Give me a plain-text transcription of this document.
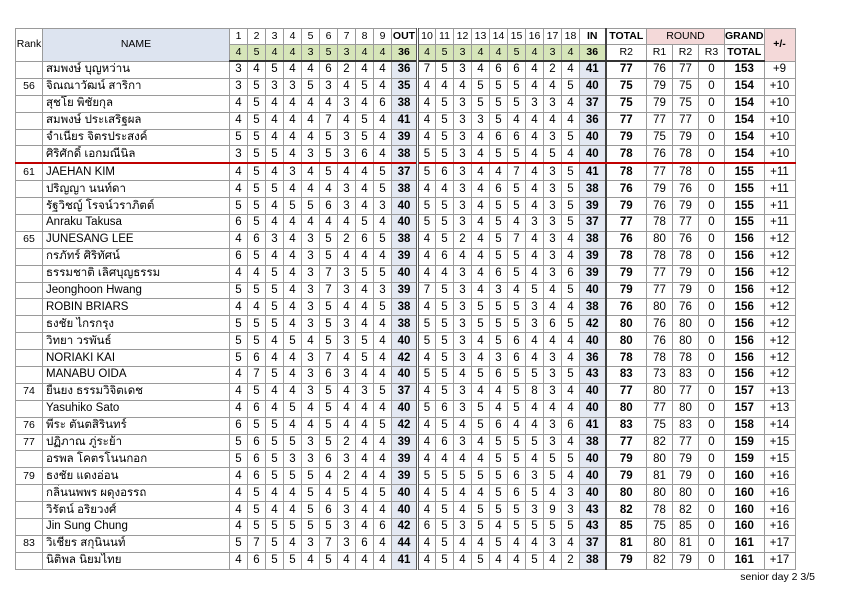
Rank	NAME	1	2	3	4	5	6	7	8	9	OUT	10	11	12	13	14	15	16	17	18	IN	TOTAL	ROUND			GRAND	+/-
		4	5	4	4	3	5	3	4	4	36	4	5	3	4	4	5	4	3	4	36	R2	R1	R2	R3	TOTAL	
	สมพงษ์ บุญหว่าน	3	4	5	4	4	6	2	4	4	36	7	5	3	4	6	6	4	2	4	41	77	76	77	0	153	+9
56	จิณณาวัฒน์ สาริกา	3	5	3	3	5	3	4	5	4	35	4	4	4	5	5	5	4	4	5	40	75	79	75	0	154	+10
	สุชโย พิชัยกุล	4	5	4	4	4	4	3	4	6	38	4	5	3	5	5	5	3	3	4	37	75	79	75	0	154	+10
	สมพงษ์ ประเสริฐผล	4	5	4	4	4	7	4	5	4	41	4	5	3	3	5	4	4	4	4	36	77	77	77	0	154	+10
	จำเนียร จิตรประสงค์	5	5	4	4	4	5	3	5	4	39	4	5	3	4	6	6	4	3	5	40	79	75	79	0	154	+10
	ศิริศักดิ์ เอกมณีนิล	3	5	5	4	3	5	3	6	4	38	5	5	3	4	5	5	4	5	4	40	78	76	78	0	154	+10
61	JAEHAN KIM	4	5	4	3	4	5	4	4	5	37	5	6	3	4	4	7	4	3	5	41	78	77	78	0	155	+11
	ปริญญา นนท์ดา	4	5	5	4	4	4	3	4	5	38	4	4	3	4	6	5	4	3	5	38	76	79	76	0	155	+11
	รัฐวิชญ์ โรจน์วราภิตต์	5	5	4	5	5	6	3	4	3	40	5	5	3	4	5	5	4	3	5	39	79	76	79	0	155	+11
	Anraku Takusa	6	5	4	4	4	4	4	5	4	40	5	5	3	4	5	4	3	3	5	37	77	78	77	0	155	+11
65	JUNESANG LEE	4	6	3	4	3	5	2	6	5	38	4	5	2	4	5	7	4	3	4	38	76	80	76	0	156	+12
	กรภัทร์ ศิริทัศน์	6	5	4	4	3	5	4	4	4	39	4	6	4	4	5	5	4	3	4	39	78	78	78	0	156	+12
	ธรรมชาติ เลิศบุญธรรม	4	4	5	4	3	7	3	5	5	40	4	4	3	4	6	5	4	3	6	39	79	77	79	0	156	+12
	Jeonghoon Hwang	5	5	5	4	3	7	3	4	3	39	7	5	3	4	3	4	5	4	5	40	79	77	79	0	156	+12
	ROBIN BRIARS	4	4	5	4	3	5	4	4	5	38	4	5	3	5	5	5	3	4	4	38	76	80	76	0	156	+12
	ธงชัย ไกรกรุง	5	5	5	4	3	5	3	4	4	38	5	5	3	5	5	5	3	6	5	42	80	76	80	0	156	+12
	วิทยา วรพันธ์	5	5	4	5	4	5	3	5	4	40	5	5	3	4	5	6	4	4	4	40	80	76	80	0	156	+12
	NORIAKI KAI	5	6	4	4	3	7	4	5	4	42	4	5	3	4	3	6	4	3	4	36	78	78	78	0	156	+12
	MANABU OIDA	4	7	5	4	3	6	3	4	4	40	5	5	4	5	6	5	5	3	5	43	83	73	83	0	156	+12
74	ยืนยง ธรรมวิจิตเดช	4	5	4	4	3	5	4	3	5	37	4	5	3	4	4	5	8	3	4	40	77	80	77	0	157	+13
	Yasuhiko Sato	4	6	4	5	4	5	4	4	4	40	5	6	3	5	4	5	4	4	4	40	80	77	80	0	157	+13
76	พีระ ตันตสิรินทร์	6	5	5	4	4	5	4	4	5	42	4	5	4	5	6	4	4	3	6	41	83	75	83	0	158	+14
77	ปฏิภาณ ภู่ระย้า	5	6	5	5	3	5	2	4	4	39	4	6	3	4	5	5	5	3	4	38	77	82	77	0	159	+15
	อรพล โคตรโนนกอก	5	6	5	3	3	6	3	4	4	39	4	4	4	4	5	5	4	5	5	40	79	80	79	0	159	+15
79	ธงชัย แดงอ่อน	4	6	5	5	5	4	2	4	4	39	5	5	5	5	5	6	3	5	4	40	79	81	79	0	160	+16
	กลิ่นนพพร ผดุงอรรถ	4	5	4	4	5	4	5	4	5	40	4	5	4	4	5	6	5	4	3	40	80	80	80	0	160	+16
	วิรัตน์ อริยวงศ์	4	5	4	4	5	6	3	4	4	40	4	5	4	5	5	5	3	9	3	43	82	78	82	0	160	+16
	Jin Sung Chung	4	5	5	5	5	5	3	4	6	42	6	5	3	5	4	5	5	5	5	43	85	75	85	0	160	+16
83	วิเชียร สกุนินนท์	5	7	5	4	3	7	3	6	4	44	4	5	4	4	5	4	4	3	4	37	81	80	81	0	161	+17
	นิติพล นิยมไทย	4	6	5	5	4	5	4	4	4	41	4	5	4	5	4	4	5	4	2	38	79	82	79	0	161	+17
senior day 2 3/5
